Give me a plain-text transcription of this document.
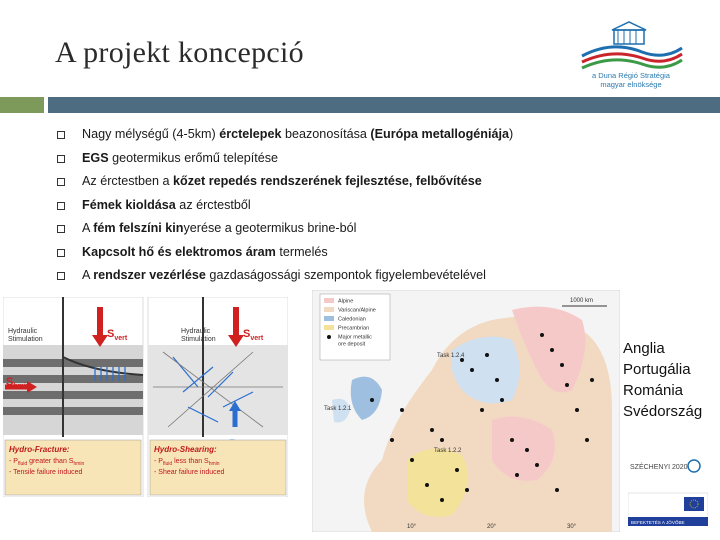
A projekt koncepció
a Duna Régió Stratégia
magyar elnöksége
Nagy mélységű (4-5km) érctelepek beazonosítása (Európa metallogéniája)
EGS geotermikus erőmű telepítése
Az érctestben a kőzet repedés rendszerének fejlesztése, felbővítése
Fémek kioldása az érctestből
A fém felszíni kinyerése a geotermikus brine-ból
Kapcsolt hő és elektromos áram termelés
A rendszer vezérlése gazdaságossági szempontok figyelembevételével
Hydraulic
Stimulation	$S_{vert}$
$S_{hmin}$
Hydro-Fracture:
- $P_{fluid}$ greater than $S_{hmin}$
- Tensile failure induced
Hydraulic
Stimulation $S_{vert}$
Hydro-Shearing:
- $P_{fluid}$ less than $S_{hmin}$
- Shear failure induced
Alpine
Variscan/Alpine
Caledonian
Precambrian
Major metallic
ore deposit
Task 1.2.4
Task 1.2.1
Task 1.2.2
1000 km
10°	20°	30°
Anglia
Portugália
Románia
Svédország
SZÉCHENYI 2020
BEFEKTETÉS A JÖVŐBE
